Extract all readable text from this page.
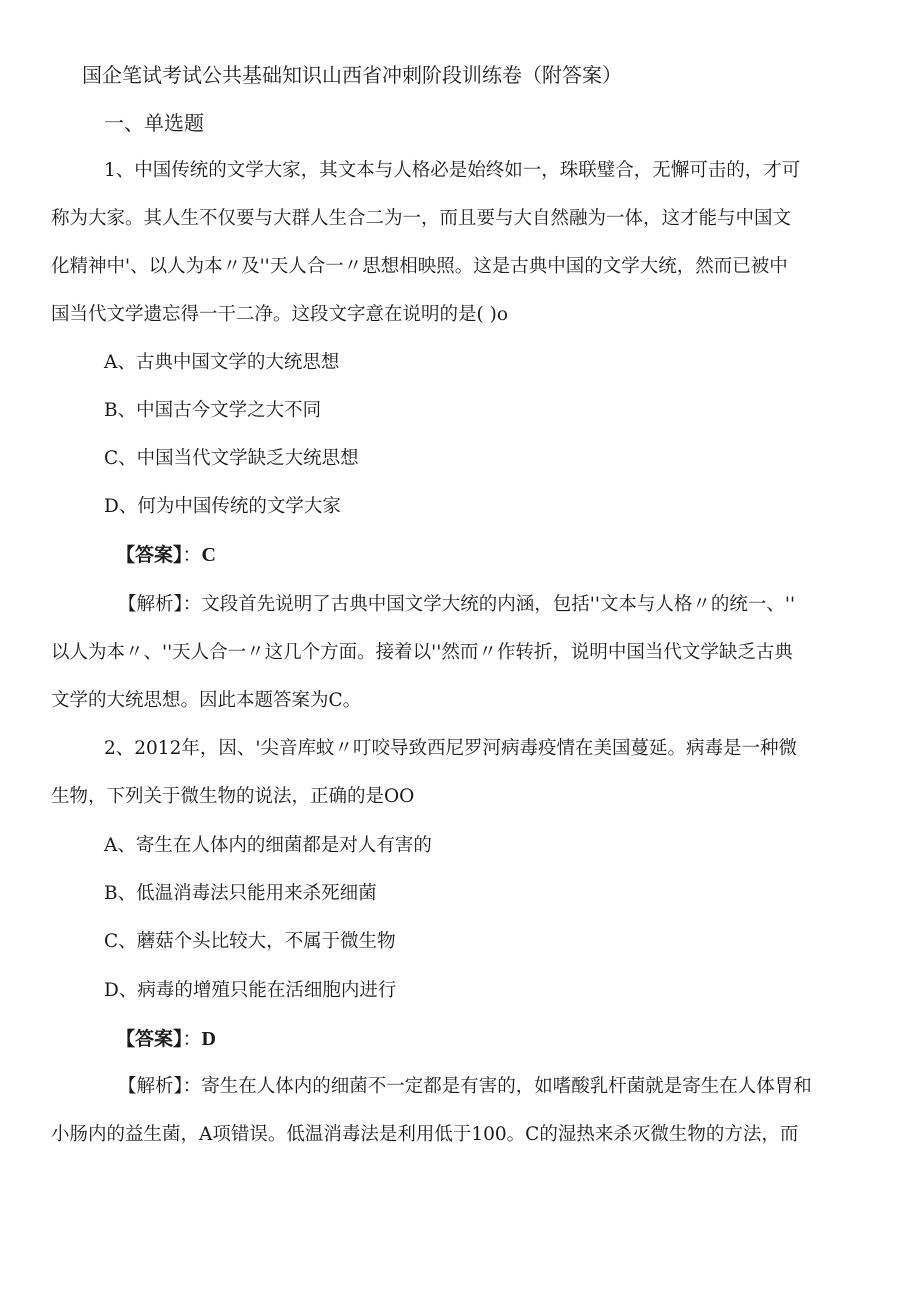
国企笔试考试公共基础知识山西省冲刺阶段训练卷（附答案）
一、单选题
1、中国传统的文学大家，其文本与人格必是始终如一，珠联璧合，无懈可击的，才可
称为大家。其人生不仅要与大群人生合二为一，而且要与大自然融为一体，这才能与中国文
化精神中'、以人为本〃及''天人合一〃思想相映照。这是古典中国的文学大统，然而已被中
国当代文学遗忘得一干二净。这段文字意在说明的是( )o
A、古典中国文学的大统思想
B、中国古今文学之大不同
C、中国当代文学缺乏大统思想
D、何为中国传统的文学大家
【答案】：C
【解析】：文段首先说明了古典中国文学大统的内涵，包括''文本与人格〃的统一、''
以人为本〃、''天人合一〃这几个方面。接着以''然而〃作转折，说明中国当代文学缺乏古典
文学的大统思想。因此本题答案为C。
2、2012年，因、'尖音库蚊〃叮咬导致西尼罗河病毒疫情在美国蔓延。病毒是一种微
生物，下列关于微生物的说法，正确的是OO
A、寄生在人体内的细菌都是对人有害的
B、低温消毒法只能用来杀死细菌
C、蘑菇个头比较大，不属于微生物
D、病毒的增殖只能在活细胞内进行
【答案】：D
【解析】：寄生在人体内的细菌不一定都是有害的，如嗜酸乳杆菌就是寄生在人体胃和
小肠内的益生菌，A项错误。低温消毒法是利用低于100。C的湿热来杀灭微生物的方法，而
